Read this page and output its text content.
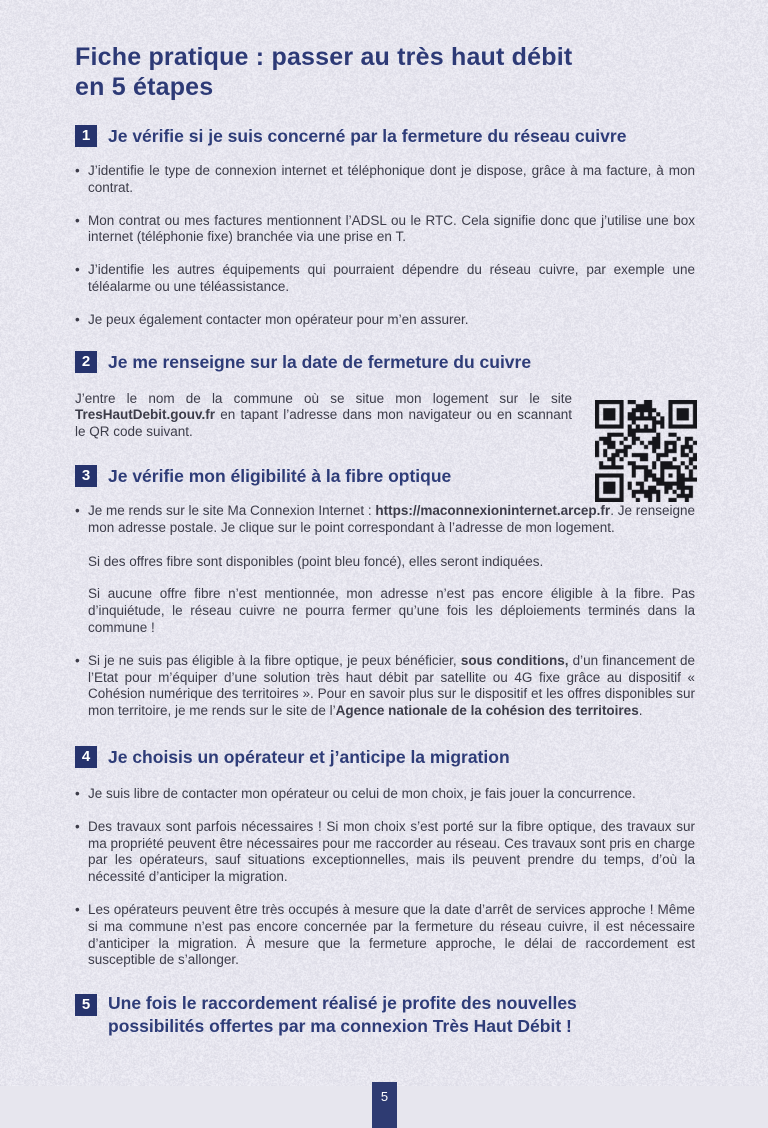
Fiche pratique : passer au très haut débit
en 5 étapes
1	Je vérifie si je suis concerné par la fermeture du réseau cuivre
• J’identifie le type de connexion internet et téléphonique dont je dispose, grâce à ma facture, à mon contrat.

• Mon contrat ou mes factures mentionnent l’ADSL ou le RTC. Cela signifie donc que j’utilise une box internet (téléphonie fixe) branchée via une prise en T.

• J’identifie les autres équipements qui pourraient dépendre du réseau cuivre, par exemple une téléalarme ou une téléassistance.

• Je peux également contacter mon opérateur pour m’en assurer.

2	Je me renseigne sur la date de fermeture du cuivre

J’entre le nom de la commune où se situe mon logement sur le site TresHautDebit.gouv.fr en tapant l’adresse dans mon navigateur ou en scannant le QR code suivant.

3	Je vérifie mon éligibilité à la fibre optique
• Je me rends sur le site Ma Connexion Internet : https://maconnexioninternet.arcep.fr. Je renseigne mon adresse postale. Je clique sur le point correspondant à l’adresse de mon logement.

Si des offres fibre sont disponibles (point bleu foncé), elles seront indiquées.

Si aucune offre fibre n’est mentionnée, mon adresse n’est pas encore éligible à la fibre. Pas d’inquiétude, le réseau cuivre ne pourra fermer qu’une fois les déploiements terminés dans la commune !

• Si je ne suis pas éligible à la fibre optique, je peux bénéficier, sous conditions, d’un financement de l’Etat pour m’équiper d’une solution très haut débit par satellite ou 4G fixe grâce au dispositif « Cohésion numérique des territoires ». Pour en savoir plus sur le dispositif et les offres disponibles sur mon territoire, je me rends sur le site de l’Agence nationale de la cohésion des territoires.

4	Je choisis un opérateur et j’anticipe la migration
• Je suis libre de contacter mon opérateur ou celui de mon choix, je fais jouer la concurrence.

• Des travaux sont parfois nécessaires ! Si mon choix s’est porté sur la fibre optique, des travaux sur ma propriété peuvent être nécessaires pour me raccorder au réseau. Ces travaux sont pris en charge par les opérateurs, sauf situations exceptionnelles, mais ils peuvent prendre du temps, d’où la nécessité d’anticiper la migration.

• Les opérateurs peuvent être très occupés à mesure que la date d’arrêt de services approche ! Même si ma commune n’est pas encore concernée par la fermeture du réseau cuivre, il est nécessaire d’anticiper la migration. À mesure que la fermeture approche, le délai de raccordement est susceptible de s’allonger.

5	Une fois le raccordement réalisé je profite des nouvelles possibilités offertes par ma connexion Très Haut Débit !
5
